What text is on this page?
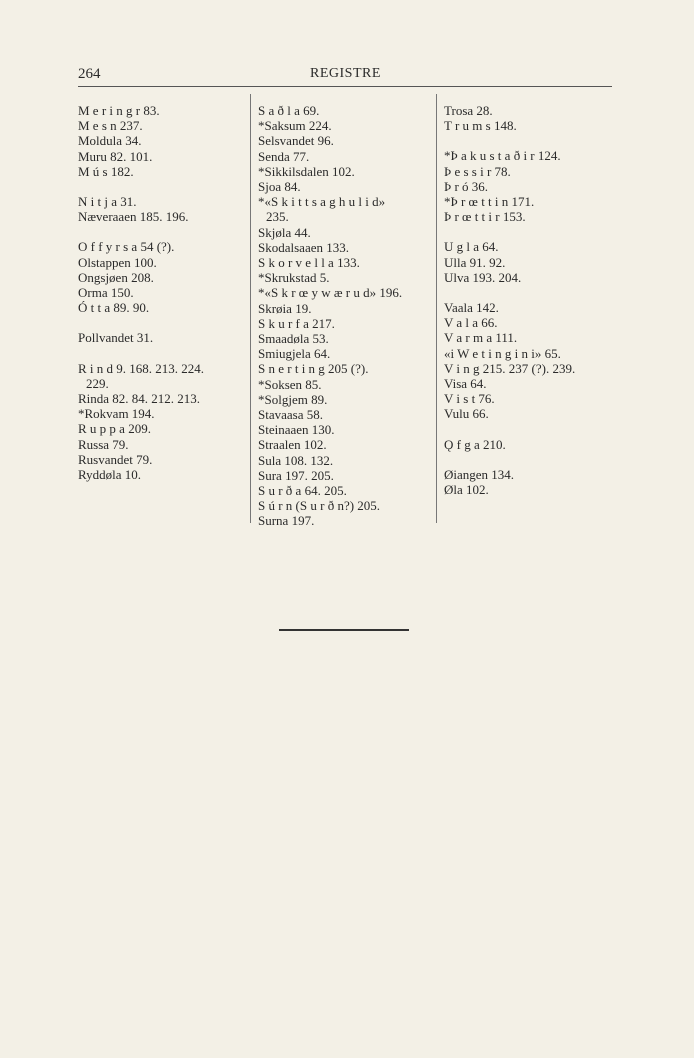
264	REGISTRE
M e r i n g r 83.
M e s n 237.
Moldula 34.
Muru 82. 101.
M ú s 182.
N i t j a 31.
Næveraaen 185. 196.
O f f y r s a 54 (?).
Olstappen 100.
Ongsjøen 208.
Orma 150.
Ó t t a 89. 90.
Pollvandet 31.
R i n d 9. 168. 213. 224.
229.
Rinda 82. 84. 212. 213.
*Rokvam 194.
R u p p a 209.
Russa 79.
Rusvandet 79.
Ryddøla 10.
S a ð l a 69.
*Saksum 224.
Selsvandet 96.
Senda 77.
*Sikkilsdalen 102.
Sjoa 84.
*«S k i t t s a g h u l i d»
235.
Skjøla 44.
Skodalsaaen 133.
S k o r v e l l a 133.
*Skrukstad 5.
*«S k r œ y w æ r u d» 196.
Skrøia 19.
S k u r f a 217.
Smaadøla 53.
Smiugjela 64.
S n e r t i n g 205 (?).
*Soksen 85.
*Solgjem 89.
Stavaasa 58.
Steinaaen 130.
Straalen 102.
Sula 108. 132.
Sura 197. 205.
S u r ð a 64. 205.
S ú r n (S u r ð n?) 205.
Surna 197.
Trosa 28.
T r u m s 148.
*Þ a k u s t a ð i r 124.
Þ e s s i r 78.
Þ r ó 36.
*Þ r œ t t i n 171.
Þ r œ t t i r 153.
U g l a 64.
Ulla 91. 92.
Ulva 193. 204.
Vaala 142.
V a l a 66.
V a r m a 111.
«i W e t i n g i n i» 65.
V i n g 215. 237 (?). 239.
Visa 64.
V i s t 76.
Vulu 66.
Ǫ f g a 210.
Øiangen 134.
Øla 102.
